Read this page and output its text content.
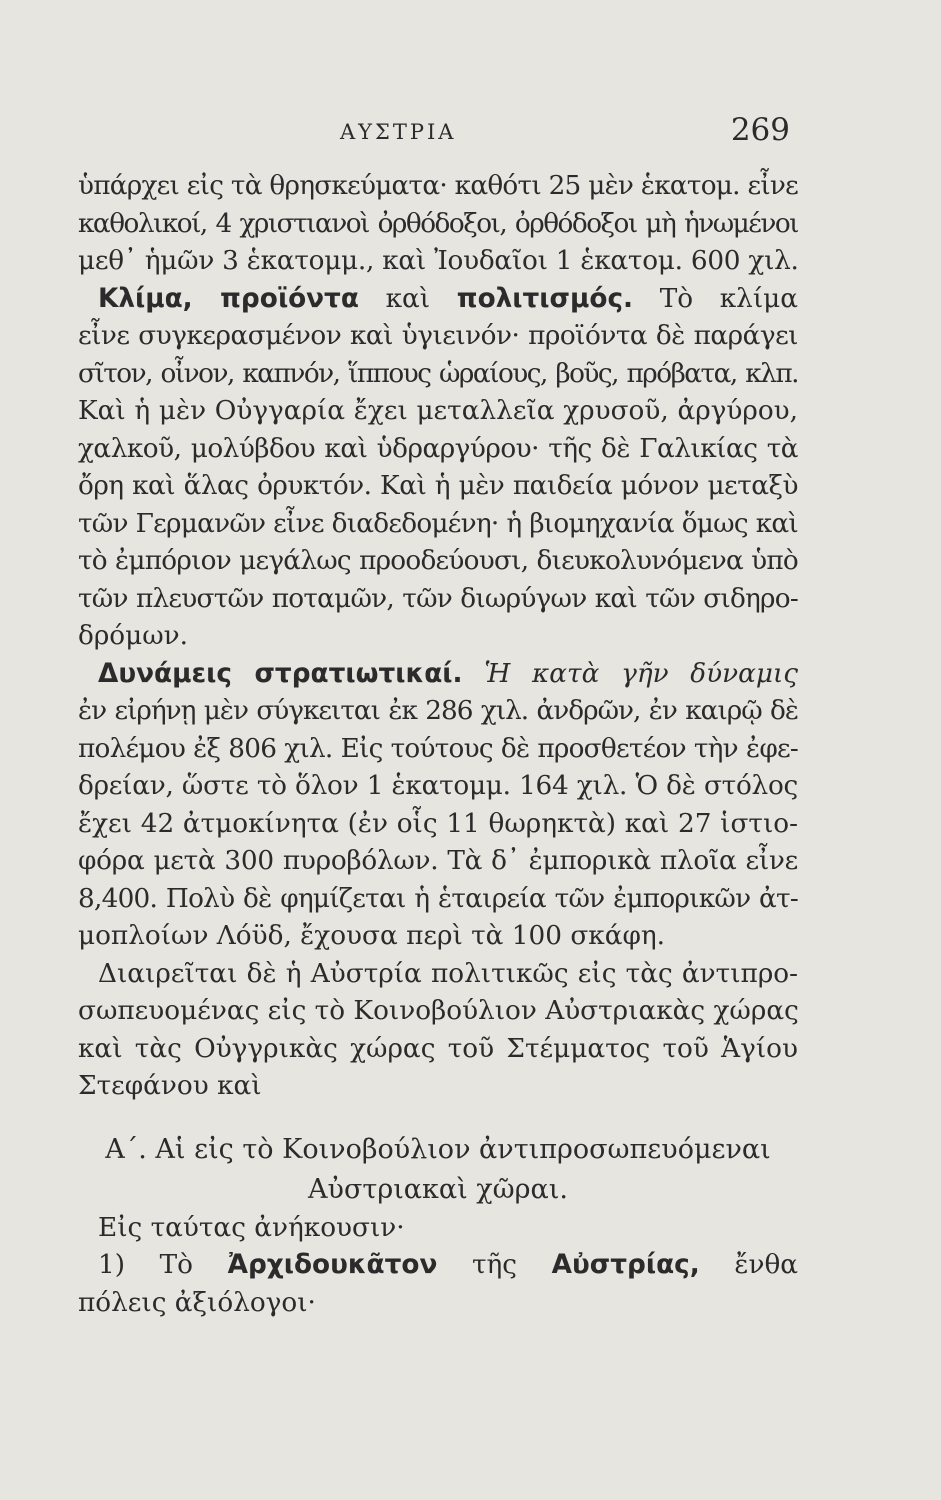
ΑΥΣΤΡΙΑ	269
ὑπάρχει εἰς τὰ θρησκεύματα· καθότι 25 μὲν ἑκατομ. εἶνε
καθολικοί, 4 χριστιανοὶ ὀρθόδοξοι, ὀρθόδοξοι μὴ ἡνωμένοι
μεθ᾽ ἡμῶν 3 ἑκατομμ., καὶ Ἰουδαῖοι 1 ἑκατομ. 600 χιλ.
Κλίμα, προϊόντα καὶ πολιτισμός. Τὸ κλίμα
εἶνε συγκερασμένον καὶ ὑγιεινόν· προϊόντα δὲ παράγει
σῖτον, οἶνον, καπνόν, ἵππους ὡραίους, βοῦς, πρόβατα, κλπ.
Καὶ ἡ μὲν Οὐγγαρία ἔχει μεταλλεῖα χρυσοῦ, ἀργύρου,
χαλκοῦ, μολύβδου καὶ ὑδραργύρου· τῆς δὲ Γαλικίας τὰ
ὄρη καὶ ἅλας ὀρυκτόν. Καὶ ἡ μὲν παιδεία μόνον μεταξὺ
τῶν Γερμανῶν εἶνε διαδεδομένη· ἡ βιομηχανία ὅμως καὶ
τὸ ἐμπόριον μεγάλως προοδεύουσι, διευκολυνόμενα ὑπὸ
τῶν πλευστῶν ποταμῶν, τῶν διωρύγων καὶ τῶν σιδηρο-
δρόμων.
Δυνάμεις στρατιωτικαί. Ἡ κατὰ γῆν δύναμις
ἐν εἰρήνῃ μὲν σύγκειται ἐκ 286 χιλ. ἀνδρῶν, ἐν καιρῷ δὲ
πολέμου ἐξ 806 χιλ. Εἰς τούτους δὲ προσθετέον τὴν ἐφε-
δρείαν, ὥστε τὸ ὅλον 1 ἑκατομμ. 164 χιλ. Ὁ δὲ στόλος
ἔχει 42 ἀτμοκίνητα (ἐν οἷς 11 θωρηκτὰ) καὶ 27 ἱστιο-
φόρα μετὰ 300 πυροβόλων. Τὰ δ᾽ ἐμπορικὰ πλοῖα εἶνε
8,400. Πολὺ δὲ φημίζεται ἡ ἑταιρεία τῶν ἐμπορικῶν ἀτ-
μοπλοίων Λόϋδ, ἔχουσα περὶ τὰ 100 σκάφη.
Διαιρεῖται δὲ ἡ Αὐστρία πολιτικῶς εἰς τὰς ἀντιπρο-
σωπευομένας εἰς τὸ Κοινοβούλιον Αὐστριακὰς χώρας
καὶ τὰς Οὐγγρικὰς χώρας τοῦ Στέμματος τοῦ Ἁγίου
Στεφάνου καὶ
Α΄. Αἱ εἰς τὸ Κοινοβούλιον ἀντιπροσωπευόμεναι
Αὐστριακαὶ χῶραι.
Εἰς ταύτας ἀνήκουσιν·
1) Τὸ Ἀρχιδουκᾶτον τῆς Αὐστρίας, ἔνθα
πόλεις ἀξιόλογοι·
